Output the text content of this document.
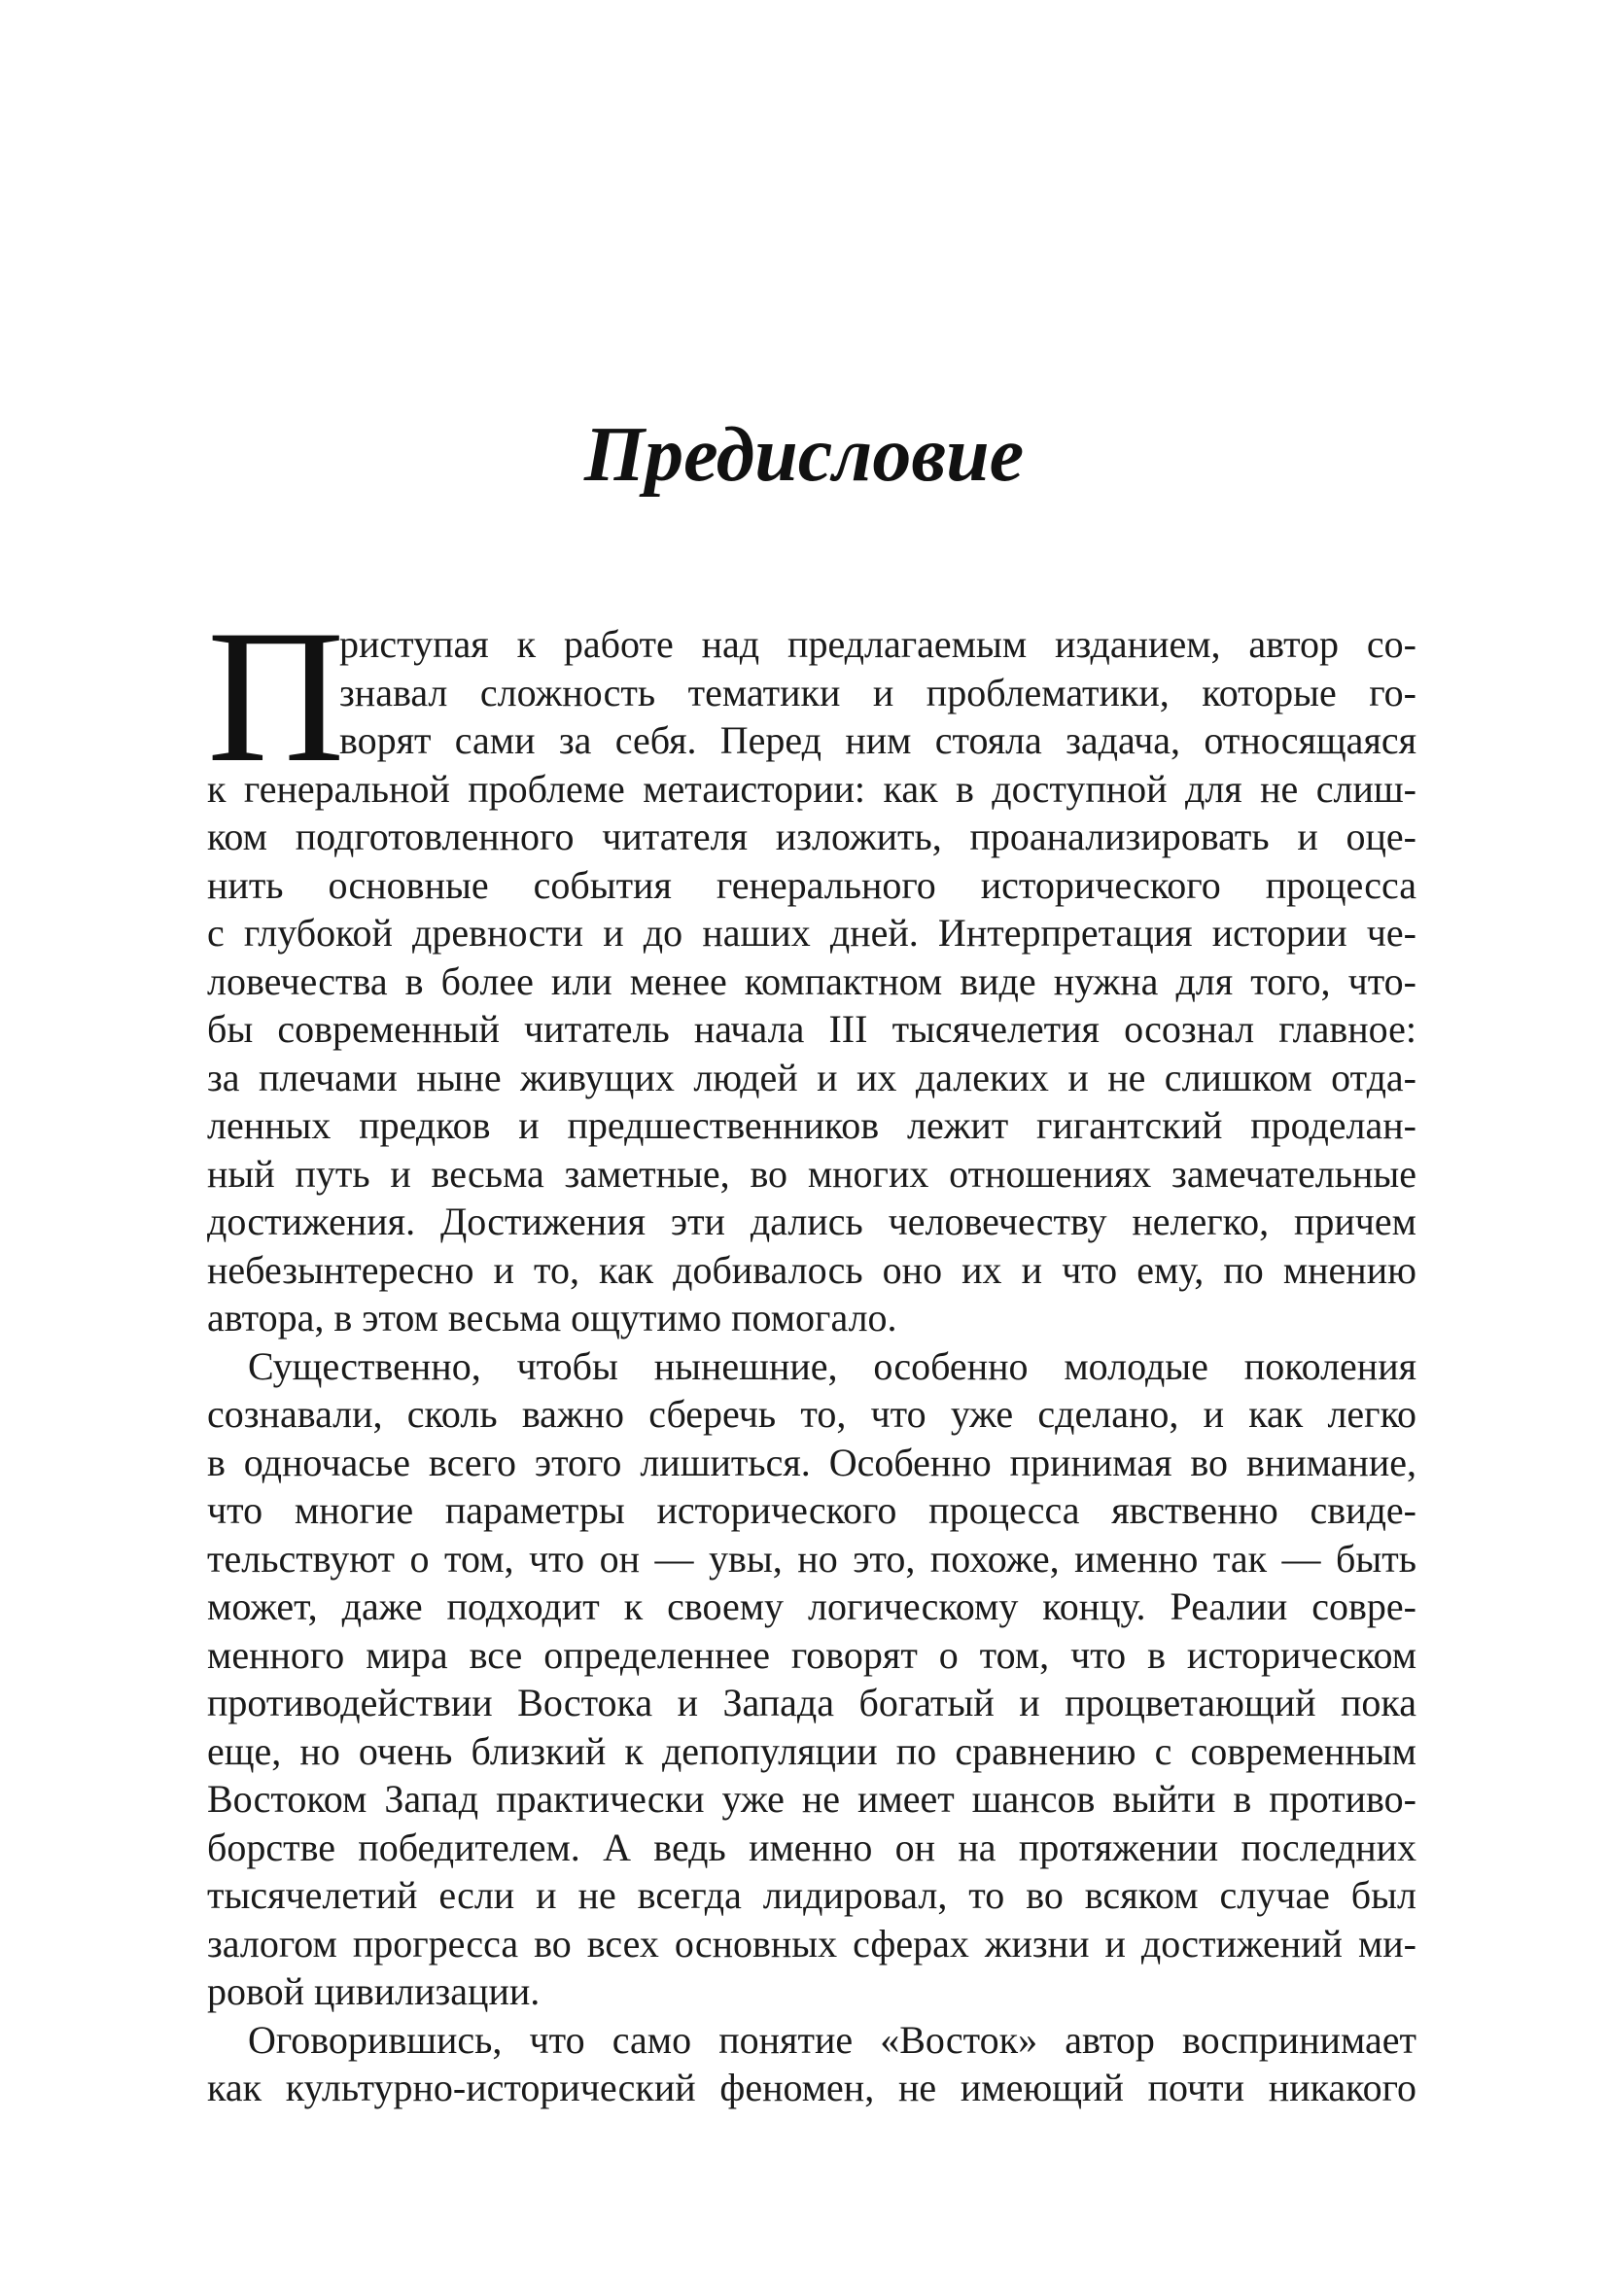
Предисловие
П
риступая к работе над предлагаемым изданием, автор со-
знавал сложность тематики и проблематики, которые го-
ворят сами за себя. Перед ним стояла задача, относящаяся
к генеральной проблеме метаистории: как в доступной для не слиш-
ком подготовленного читателя изложить, проанализировать и оце-
нить основные события генерального исторического процесса
с глубокой древности и до наших дней. Интерпретация истории че-
ловечества в более или менее компактном виде нужна для того, что-
бы современный читатель начала III тысячелетия осознал главное:
за плечами ныне живущих людей и их далеких и не слишком отда-
ленных предков и предшественников лежит гигантский проделан-
ный путь и весьма заметные, во многих отношениях замечательные
достижения. Достижения эти дались человечеству нелегко, причем
небезынтересно и то, как добивалось оно их и что ему, по мнению
автора, в этом весьма ощутимо помогало.
Существенно, чтобы нынешние, особенно молодые поколения
сознавали, сколь важно сберечь то, что уже сделано, и как легко
в одночасье всего этого лишиться. Особенно принимая во внимание,
что многие параметры исторического процесса явственно свиде-
тельствуют о том, что он — увы, но это, похоже, именно так — быть
может, даже подходит к своему логическому концу. Реалии совре-
менного мира все определеннее говорят о том, что в историческом
противодействии Востока и Запада богатый и процветающий пока
еще, но очень близкий к депопуляции по сравнению с современным
Востоком Запад практически уже не имеет шансов выйти в противо-
борстве победителем. А ведь именно он на протяжении последних
тысячелетий если и не всегда лидировал, то во всяком случае был
залогом прогресса во всех основных сферах жизни и достижений ми-
ровой цивилизации.
Оговорившись, что само понятие «Восток» автор воспринимает
как культурно-исторический феномен, не имеющий почти никакого
